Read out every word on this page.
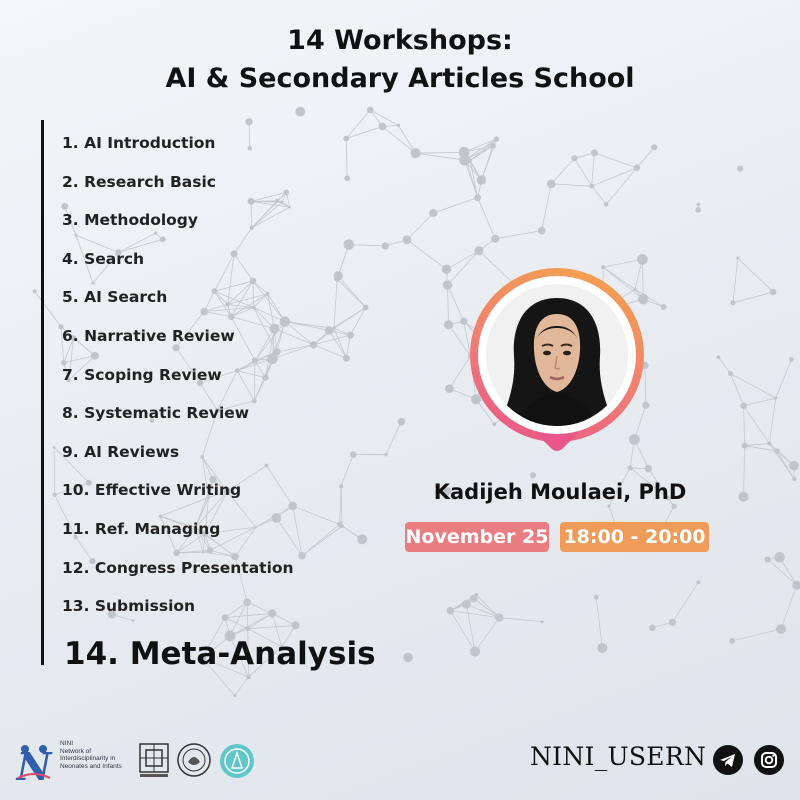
14 Workshops:
AI & Secondary Articles School
1. AI Introduction
2. Research Basic
3. Methodology
4. Search
5. AI Search
6. Narrative Review
7. Scoping Review
8. Systematic Review
9. AI Reviews
10. Effective Writing
11. Ref. Managing
12. Congress Presentation
13. Submission
14. Meta-Analysis
Kadijeh Moulaei, PhD
November 25 18:00 - 20:00
N
NINI
Network of
Interdisciplinarity in
Neonates and Infants	NINI_USERN
